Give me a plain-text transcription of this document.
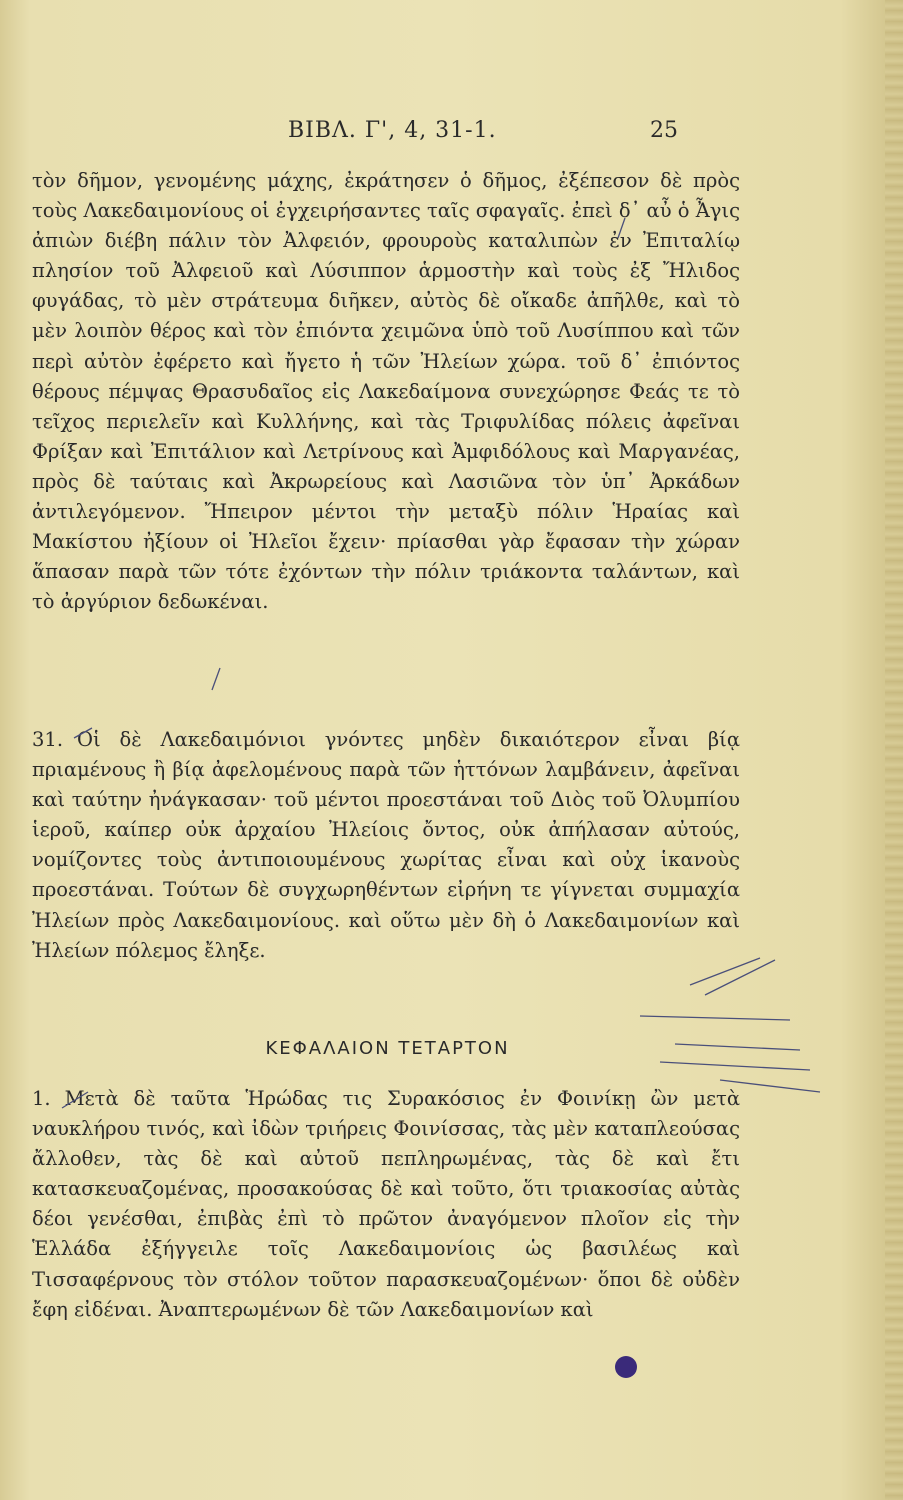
ΒΙΒΛ. Γ', 4, 31-1.	25

τὸν δῆμον, γενομένης μάχης, ἐκράτησεν ὁ δῆμος, ἐξέπεσον δὲ πρὸς τοὺς Λακεδαιμονίους οἱ ἐγχειρήσαντες ταῖς σφαγαῖς. ἐπεὶ δ᾽ αὖ ὁ Ἆγις ἀπιὼν διέβη πάλιν τὸν Ἀλφειόν, φρουροὺς καταλιπὼν ἐν Ἐπιταλίῳ πλησίον τοῦ Ἀλφειοῦ καὶ Λύσιππον ἁρμοστὴν καὶ τοὺς ἐξ Ἤλιδος φυγάδας, τὸ μὲν στράτευμα διῆκεν, αὐτὸς δὲ οἴκαδε ἀπῆλθε, καὶ τὸ μὲν λοιπὸν θέρος καὶ τὸν ἐπιόντα χειμῶνα ὑπὸ τοῦ Λυσίππου καὶ τῶν περὶ αὐτὸν ἐφέρετο καὶ ἤγετο ἡ τῶν Ἠλείων χώρα. τοῦ δ᾽ ἐπιόντος θέρους πέμψας Θρασυδαῖος εἰς Λακεδαίμονα συνεχώρησε Φεάς τε τὸ τεῖχος περιελεῖν καὶ Κυλλήνης, καὶ τὰς Τριφυλίδας πόλεις ἀφεῖναι Φρίξαν καὶ Ἐπιτάλιον καὶ Λετρίνους καὶ Ἀμφιδόλους καὶ Μαργανέας, πρὸς δὲ ταύταις καὶ Ἀκρωρείους καὶ Λασιῶνα τὸν ὑπ᾽ Ἀρκάδων ἀντιλεγόμενον. Ἤπειρον μέντοι τὴν μεταξὺ πόλιν Ἡραίας καὶ Μακίστου ἠξίουν οἱ Ἠλεῖοι ἔχειν· πρίασθαι γὰρ ἔφασαν τὴν χώραν ἅπασαν παρὰ τῶν τότε ἐχόντων τὴν πόλιν τριάκοντα ταλάντων, καὶ τὸ ἀργύριον δεδωκέναι.

31. Οἱ δὲ Λακεδαιμόνιοι γνόντες μηδὲν δικαιότερον εἶναι βίᾳ πριαμένους ἢ βίᾳ ἀφελομένους παρὰ τῶν ἡττόνων λαμβάνειν, ἀφεῖναι καὶ ταύτην ἠνάγκασαν· τοῦ μέντοι προεστάναι τοῦ Διὸς τοῦ Ὀλυμπίου ἱεροῦ, καίπερ οὐκ ἀρχαίου Ἠλείοις ὄντος, οὐκ ἀπήλασαν αὐτούς, νομίζοντες τοὺς ἀντιποιουμένους χωρίτας εἶναι καὶ οὐχ ἱκανοὺς προεστάναι. Τούτων δὲ συγχωρηθέντων εἰρήνη τε γίγνεται συμμαχία Ἠλείων πρὸς Λακεδαιμονίους. καὶ οὕτω μὲν δὴ ὁ Λακεδαιμονίων καὶ Ἠλείων πόλεμος ἔληξε.

ΚΕΦΑΛΑΙΟΝ ΤΕΤΑΡΤΟΝ

1. Μετὰ δὲ ταῦτα Ἡρώδας τις Συρακόσιος ἐν Φοινίκῃ ὢν μετὰ ναυκλήρου τινός, καὶ ἰδὼν τριήρεις Φοινίσσας, τὰς μὲν καταπλεούσας ἄλλοθεν, τὰς δὲ καὶ αὐτοῦ πεπληρωμένας, τὰς δὲ καὶ ἔτι κατασκευαζομένας, προσακούσας δὲ καὶ τοῦτο, ὅτι τριακοσίας αὐτὰς δέοι γενέσθαι, ἐπιβὰς ἐπὶ τὸ πρῶτον ἀναγόμενον πλοῖον εἰς τὴν Ἑλλάδα ἐξήγγειλε τοῖς Λακεδαιμονίοις ὡς βασιλέως καὶ Τισσαφέρνους τὸν στόλον τοῦτον παρασκευαζομένων· ὅποι δὲ οὐδὲν ἔφη εἰδέναι. Ἀναπτερωμένων δὲ τῶν Λακεδαιμονίων καὶ
